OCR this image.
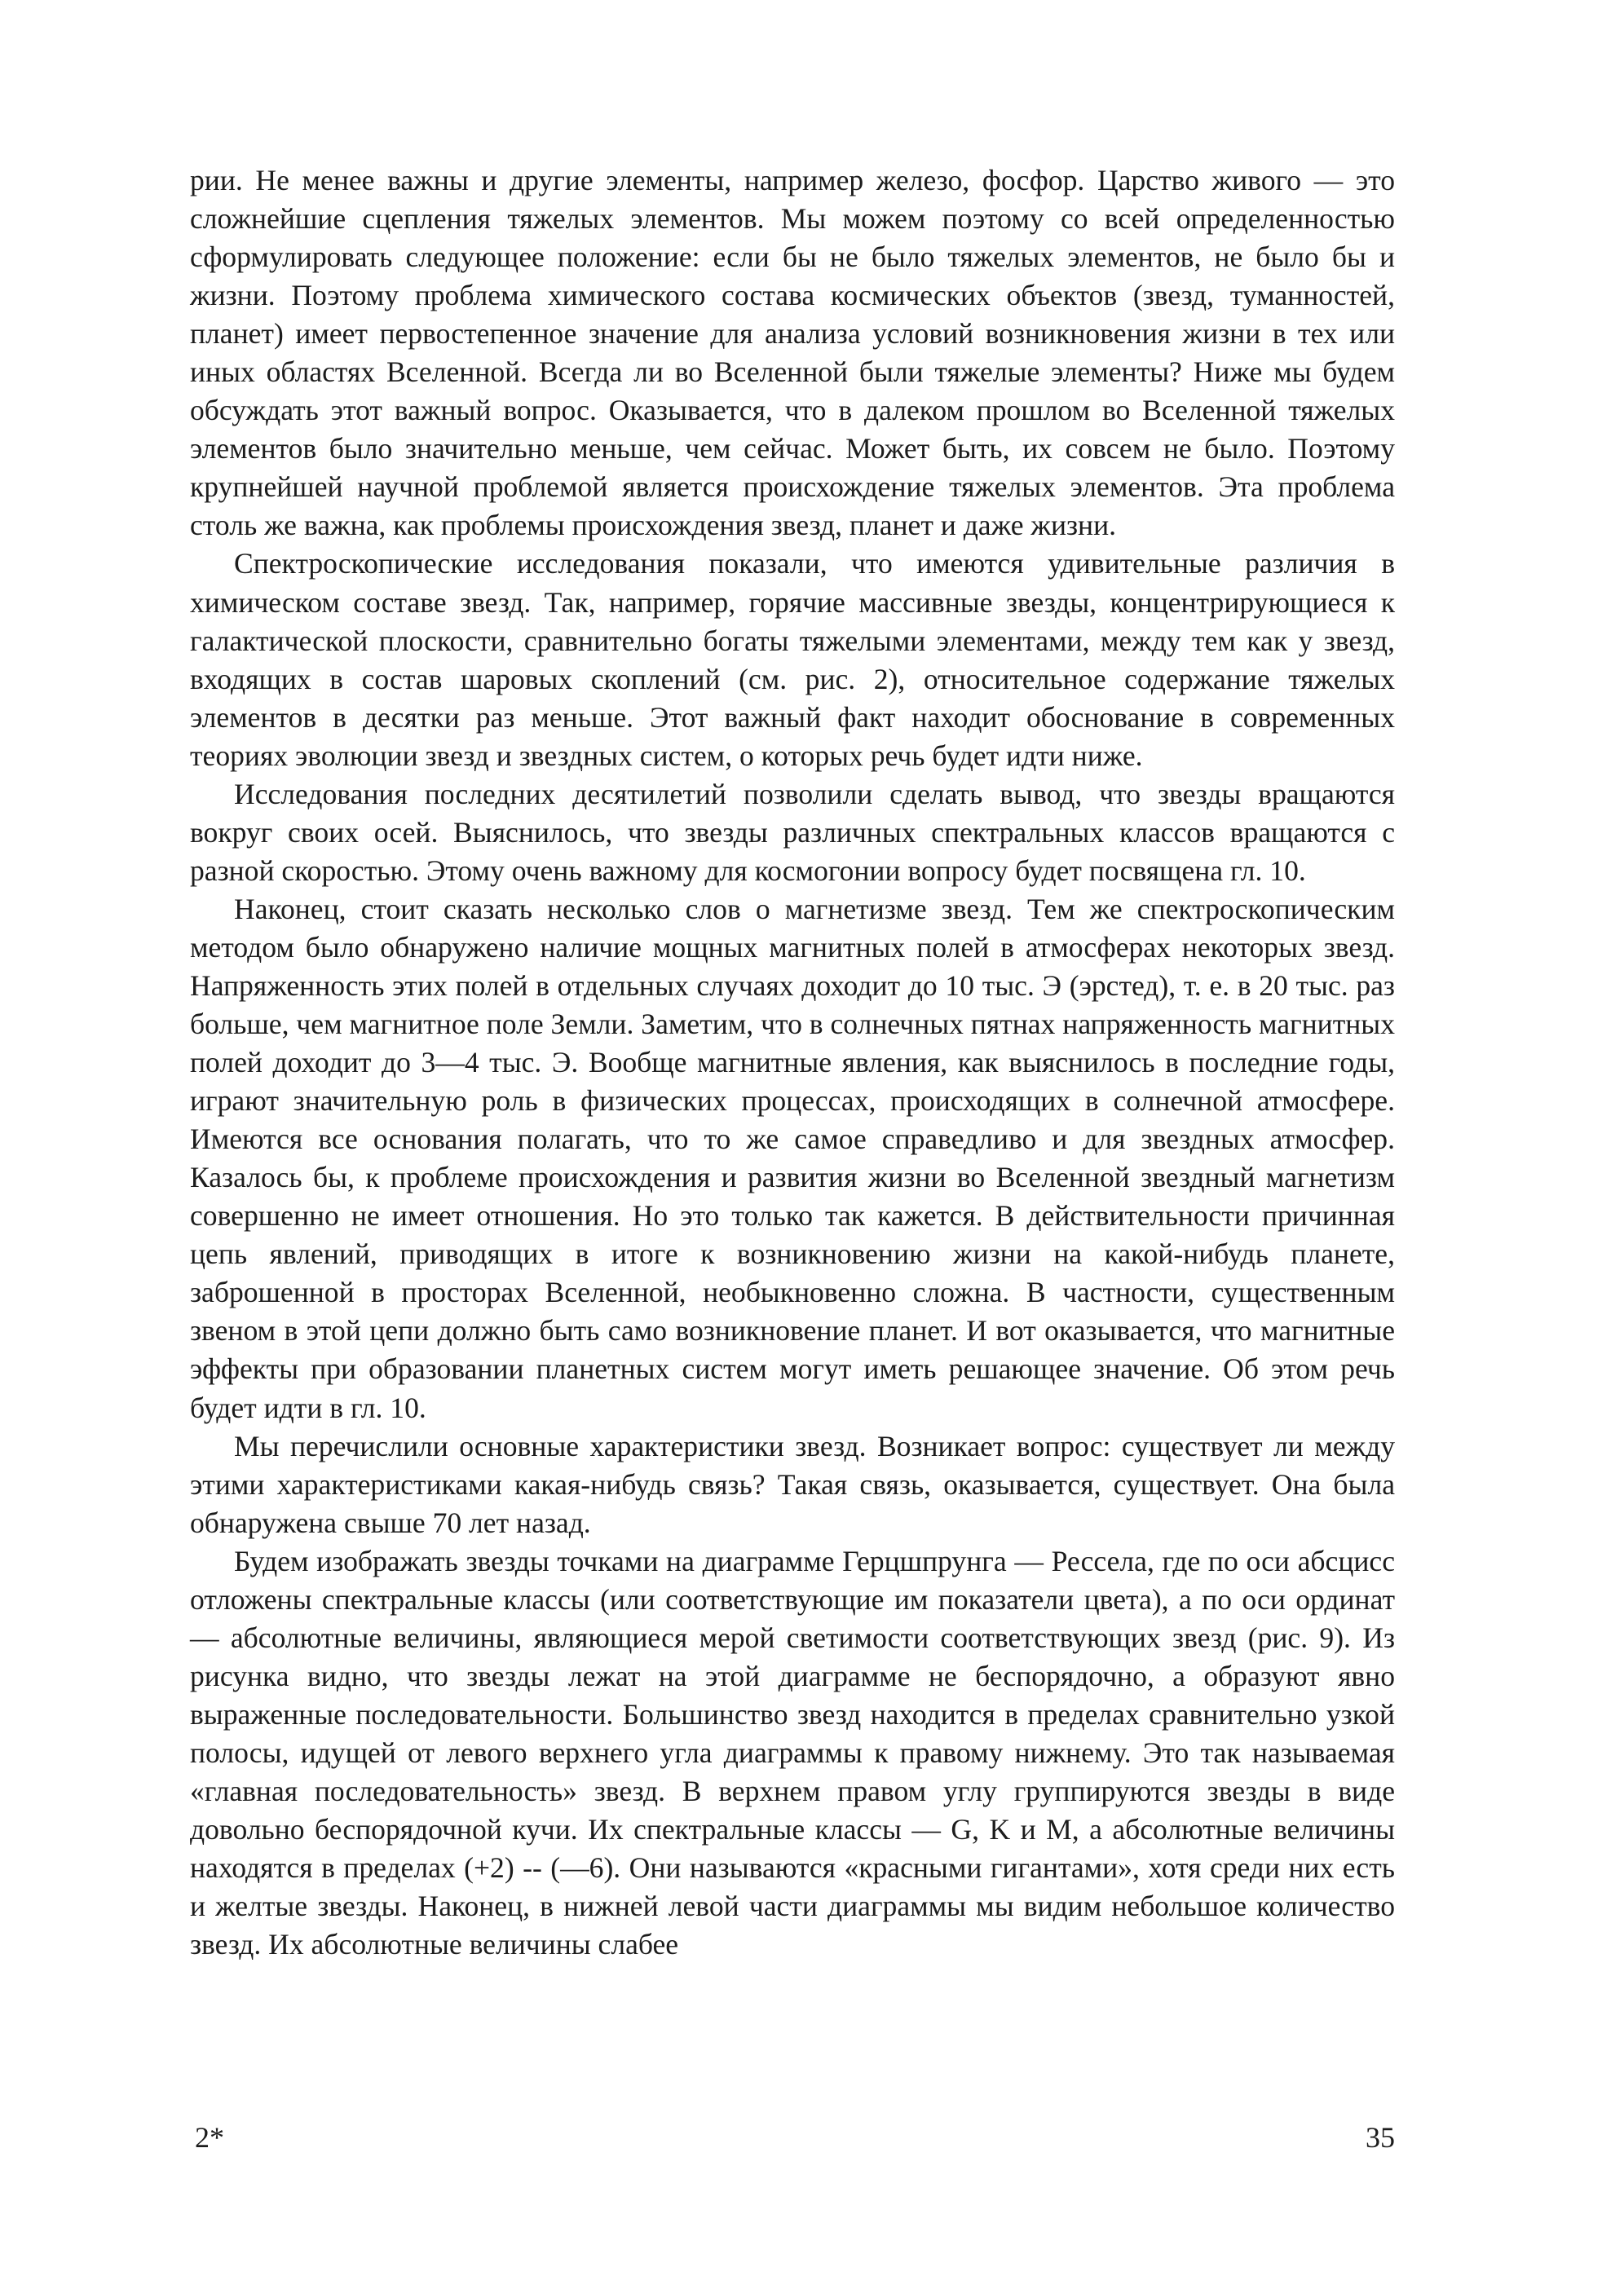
рии. Не менее важны и другие элементы, например железо, фосфор. Царство живого — это сложнейшие сцепления тяжелых элементов. Мы можем поэтому со всей определенностью сформулировать следующее положение: если бы не было тяжелых элементов, не было бы и жизни. Поэтому проблема химического состава космических объектов (звезд, туманностей, планет) имеет первостепенное значение для анализа условий возникновения жизни в тех или иных областях Вселенной. Всегда ли во Вселенной были тяжелые элементы? Ниже мы будем обсуждать этот важный вопрос. Оказывается, что в далеком прошлом во Вселенной тяжелых элементов было значительно меньше, чем сейчас. Может быть, их совсем не было. Поэтому крупнейшей научной проблемой является происхождение тяжелых элементов. Эта проблема столь же важна, как проблемы происхождения звезд, планет и даже жизни.

Спектроскопические исследования показали, что имеются удивительные различия в химическом составе звезд. Так, например, горячие массивные звезды, концентрирующиеся к галактической плоскости, сравнительно богаты тяжелыми элементами, между тем как у звезд, входящих в состав шаровых скоплений (см. рис. 2), относительное содержание тяжелых элементов в десятки раз меньше. Этот важный факт находит обоснование в современных теориях эволюции звезд и звездных систем, о которых речь будет идти ниже.

Исследования последних десятилетий позволили сделать вывод, что звезды вращаются вокруг своих осей. Выяснилось, что звезды различных спектральных классов вращаются с разной скоростью. Этому очень важному для космогонии вопросу будет посвящена гл. 10.

Наконец, стоит сказать несколько слов о магнетизме звезд. Тем же спектроскопическим методом было обнаружено наличие мощных магнитных полей в атмосферах некоторых звезд. Напряженность этих полей в отдельных случаях доходит до 10 тыс. Э (эрстед), т. е. в 20 тыс. раз больше, чем магнитное поле Земли. Заметим, что в солнечных пятнах напряженность магнитных полей доходит до 3—4 тыс. Э. Вообще магнитные явления, как выяснилось в последние годы, играют значительную роль в физических процессах, происходящих в солнечной атмосфере. Имеются все основания полагать, что то же самое справедливо и для звездных атмосфер. Казалось бы, к проблеме происхождения и развития жизни во Вселенной звездный магнетизм совершенно не имеет отношения. Но это только так кажется. В действительности причинная цепь явлений, приводящих в итоге к возникновению жизни на какой-нибудь планете, заброшенной в просторах Вселенной, необыкновенно сложна. В частности, существенным звеном в этой цепи должно быть само возникновение планет. И вот оказывается, что магнитные эффекты при образовании планетных систем могут иметь решающее значение. Об этом речь будет идти в гл. 10.

Мы перечислили основные характеристики звезд. Возникает вопрос: существует ли между этими характеристиками какая-нибудь связь? Такая связь, оказывается, существует. Она была обнаружена свыше 70 лет назад.

Будем изображать звезды точками на диаграмме Герцшпрунга — Рессела, где по оси абсцисс отложены спектральные классы (или соответствующие им показатели цвета), а по оси ординат — абсолютные величины, являющиеся мерой светимости соответствующих звезд (рис. 9). Из рисунка видно, что звезды лежат на этой диаграмме не беспорядочно, а образуют явно выраженные последовательности. Большинство звезд находится в пределах сравнительно узкой полосы, идущей от левого верхнего угла диаграммы к правому нижнему. Это так называемая «главная последовательность» звезд. В верхнем правом углу группируются звезды в виде довольно беспорядочной кучи. Их спектральные классы — G, K и M, а абсолютные величины находятся в пределах (+2) -- (—6). Они называются «красными гигантами», хотя среди них есть и желтые звезды. Наконец, в нижней левой части диаграммы мы видим небольшое количество звезд. Их абсолютные величины слабее

2*	35
